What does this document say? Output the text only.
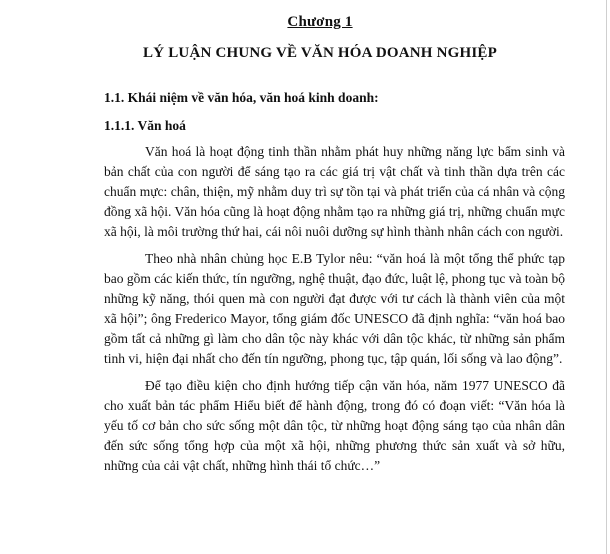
Chương 1
LÝ LUẬN CHUNG VỀ VĂN HÓA DOANH NGHIỆP
1.1. Khái niệm về văn hóa, văn hoá kinh doanh:
1.1.1. Văn hoá

Văn hoá là hoạt động tinh thần nhằm phát huy những năng lực bẩm sinh và bản chất của con người để sáng tạo ra các giá trị vật chất và tinh thần dựa trên các chuẩn mực: chân, thiện, mỹ nhằm duy trì sự tồn tại và phát triển của cá nhân và cộng đồng xã hội. Văn hóa cũng là hoạt động nhằm tạo ra những giá trị, những chuẩn mực xã hội, là môi trường thứ hai, cái nôi nuôi dưỡng sự hình thành nhân cách con người.

Theo nhà nhân chủng học E.B Tylor nêu: “văn hoá là một tổng thể phức tạp bao gồm các kiến thức, tín ngưỡng, nghệ thuật, đạo đức, luật lệ, phong tục và toàn bộ những kỹ năng, thói quen mà con người đạt được với tư cách là thành viên của một xã hội”; ông Frederico Mayor, tổng giám đốc UNESCO đã định nghĩa: “văn hoá bao gồm tất cả những gì làm cho dân tộc này khác với dân tộc khác, từ những sản phẩm tinh vi, hiện đại nhất cho đến tín ngưỡng, phong tục, tập quán, lối sống và lao động”.

Để tạo điều kiện cho định hướng tiếp cận văn hóa, năm 1977 UNESCO đã cho xuất bản tác phẩm Hiểu biết để hành động, trong đó có đoạn viết: “Văn hóa là yếu tố cơ bản cho sức sống một dân tộc, từ những hoạt động sáng tạo của nhân dân đến sức sống tổng hợp của một xã hội, những phương thức sản xuất và sở hữu, những của cải vật chất, những hình thái tổ chức…”
